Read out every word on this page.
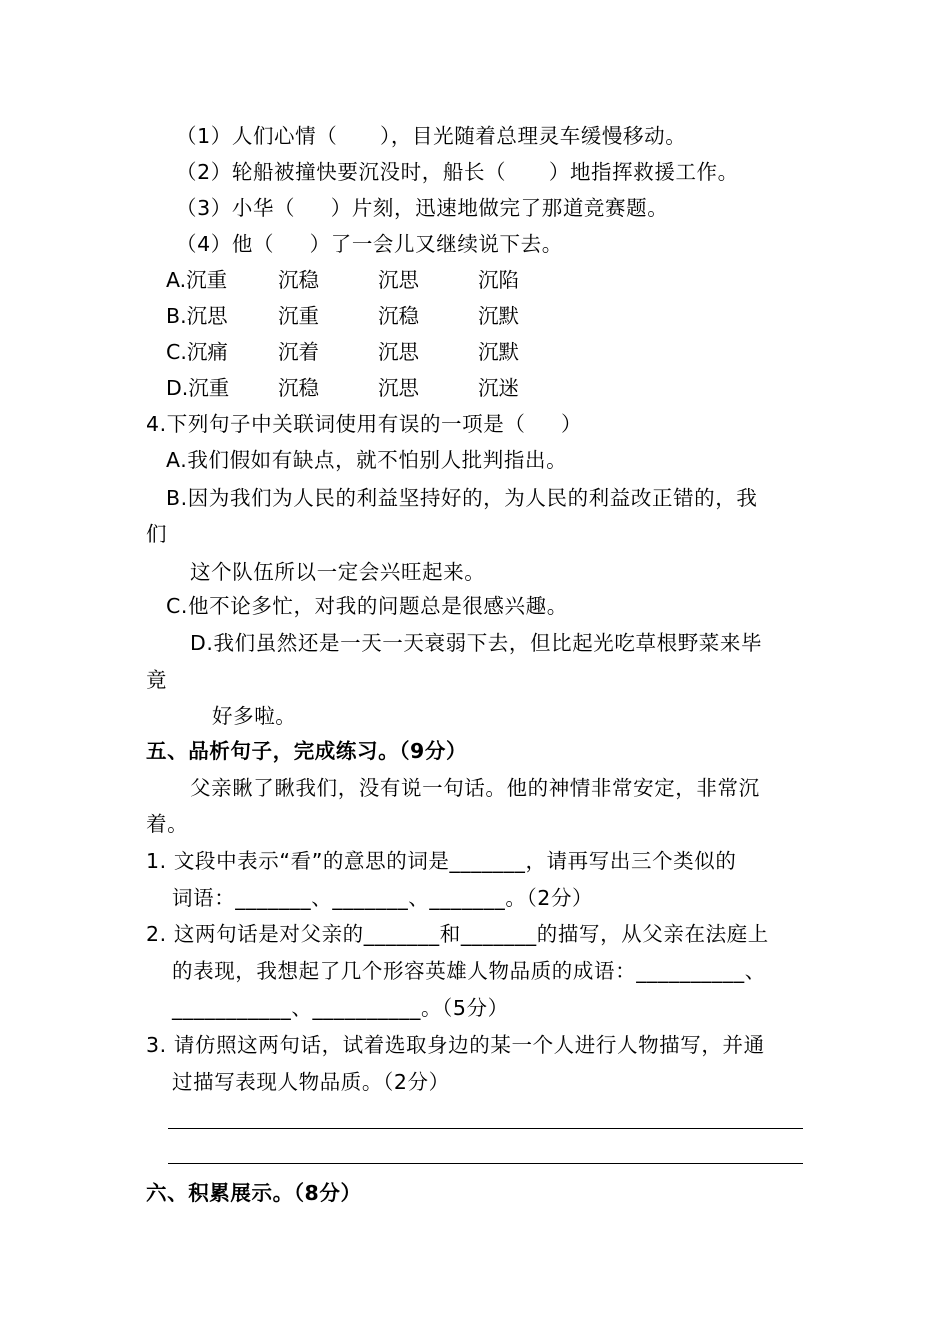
（1）人们心情（      ），目光随着总理灵车缓慢移动。
（2）轮船被撞快要沉没时，船长（      ）地指挥救援工作。
（3）小华（     ）片刻，迅速地做完了那道竞赛题。
（4）他（     ）了一会儿又继续说下去。
A.沉重 沉稳	沉思	沉陷
B.沉思 沉重	沉稳	沉默
C.沉痛 沉着	沉思	沉默
D.沉重 沉稳	沉思	沉迷
4.下列句子中关联词使用有误的一项是（     ）
A.我们假如有缺点，就不怕别人批判指出。
B.因为我们为人民的利益坚持好的，为人民的利益改正错的，我
们
这个队伍所以一定会兴旺起来。
C.他不论多忙，对我的问题总是很感兴趣。
D.我们虽然还是一天一天衰弱下去，但比起光吃草根野菜来毕
竟
好多啦。
五、品析句子，完成练习。（9分）
父亲瞅了瞅我们，没有说一句话。他的神情非常安定，非常沉
着。
1. 文段中表示“看”的意思的词是_______，请再写出三个类似的
词语：_______、_______、_______。（2分）
2. 这两句话是对父亲的_______和_______的描写，从父亲在法庭上
的表现，我想起了几个形容英雄人物品质的成语：__________、
___________、__________。（5分）
3. 请仿照这两句话，试着选取身边的某一个人进行人物描写，并通
过描写表现人物品质。（2分）
六、积累展示。（8分）
